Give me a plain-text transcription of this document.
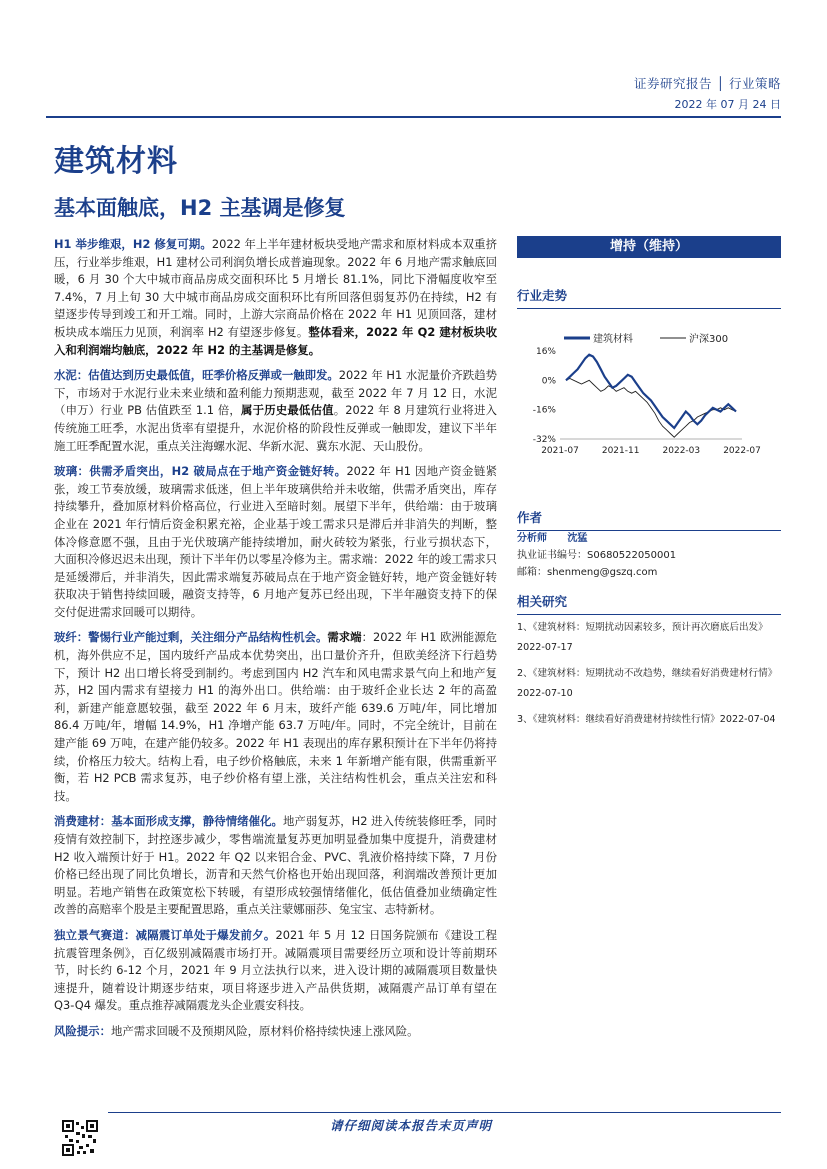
证券研究报告 │ 行业策略
2022 年 07 月 24 日
建筑材料
基本面触底，H2 主基调是修复

H1 举步维艰，H2 修复可期。2022 年上半年建材板块受地产需求和原材料成本双重挤压，行业举步维艰，H1 建材公司利润负增长成普遍现象。2022 年 6 月地产需求触底回暖，6 月 30 个大中城市商品房成交面积环比 5 月增长 81.1%，同比下滑幅度收窄至 7.4%，7 月上旬 30 大中城市商品房成交面积环比有所回落但弱复苏仍在持续，H2 有望逐步传导到竣工和开工端。同时，上游大宗商品价格在 2022 年 H1 见顶回落，建材板块成本端压力见顶，利润率 H2 有望逐步修复。整体看来，2022 年 Q2 建材板块收入和利润端均触底，2022 年 H2 的主基调是修复。

水泥：估值达到历史最低值，旺季价格反弹或一触即发。2022 年 H1 水泥量价齐跌趋势下，市场对于水泥行业未来业绩和盈利能力预期悲观，截至 2022 年 7 月 12 日，水泥（申万）行业 PB 估值跌至 1.1 倍，属于历史最低估值。2022 年 8 月建筑行业将进入传统施工旺季，水泥出货率有望提升，水泥价格的阶段性反弹或一触即发，建议下半年施工旺季配置水泥，重点关注海螺水泥、华新水泥、冀东水泥、天山股份。

玻璃：供需矛盾突出，H2 破局点在于地产资金链好转。2022 年 H1 因地产资金链紧张，竣工节奏放缓，玻璃需求低迷，但上半年玻璃供给并未收缩，供需矛盾突出，库存持续攀升，叠加原材料价格高位，行业进入至暗时刻。展望下半年，供给端：由于玻璃企业在 2021 年行情后资金积累充裕，企业基于竣工需求只是滞后并非消失的判断，整体冷修意愿不强，且由于光伏玻璃产能持续增加，耐火砖较为紧张，行业亏损状态下，大面积冷修迟迟未出现，预计下半年仍以零星冷修为主。需求端：2022 年的竣工需求只是延缓滞后，并非消失，因此需求端复苏破局点在于地产资金链好转，地产资金链好转获取决于销售持续回暖，融资支持等，6 月地产复苏已经出现，下半年融资支持下的保交付促进需求回暖可以期待。

玻纤：警惕行业产能过剩，关注细分产品结构性机会。需求端：2022 年 H1 欧洲能源危机，海外供应不足，国内玻纤产品成本优势突出，出口量价齐升，但欧美经济下行趋势下，预计 H2 出口增长将受到制约。考虑到国内 H2 汽车和风电需求景气向上和地产复苏，H2 国内需求有望接力 H1 的海外出口。供给端：由于玻纤企业长达 2 年的高盈利，新建产能意愿较强，截至 2022 年 6 月末，玻纤产能 639.6 万吨/年，同比增加 86.4 万吨/年，增幅 14.9%，H1 净增产能 63.7 万吨/年。同时，不完全统计，目前在建产能 69 万吨，在建产能仍较多。2022 年 H1 表现出的库存累积预计在下半年仍将持续，价格压力较大。结构上看，电子纱价格触底，未来 1 年新增产能有限，供需重新平衡，若 H2 PCB 需求复苏，电子纱价格有望上涨，关注结构性机会，重点关注宏和科技。

消费建材：基本面形成支撑，静待情绪催化。地产弱复苏，H2 进入传统装修旺季，同时疫情有效控制下，封控逐步减少，零售端流量复苏更加明显叠加集中度提升，消费建材 H2 收入端预计好于 H1。2022 年 Q2 以来铝合金、PVC、乳液价格持续下降，7 月份价格已经出现了同比负增长，沥青和天然气价格也开始出现回落，利润端改善预计更加明显。若地产销售在政策宽松下转暖，有望形成较强情绪催化，低估值叠加业绩确定性改善的高赔率个股是主要配置思路，重点关注蒙娜丽莎、兔宝宝、志特新材。

独立景气赛道：减隔震订单处于爆发前夕。2021 年 5 月 12 日国务院颁布《建设工程抗震管理条例》，百亿级别减隔震市场打开。减隔震项目需要经历立项和设计等前期环节，时长约 6-12 个月，2021 年 9 月立法执行以来，进入设计期的减隔震项目数量快速提升，随着设计期逐步结束，项目将逐步进入产品供货期，减隔震产品订单有望在 Q3-Q4 爆发。重点推荐减隔震龙头企业震安科技。

风险提示：地产需求回暖不及预期风险，原材料价格持续快速上涨风险。

增持（维持）
行业走势
建筑材料	沪深300
16%
0%
-16%
-32%
2021-07	2021-11	2022-03	2022-07
作者
分析师 沈猛
执业证书编号：S0680522050001
邮箱：shenmeng@gszq.com
相关研究
1、《建筑材料：短期扰动因素较多，预计再次磨底后出发》2022-07-17
2、《建筑材料：短期扰动不改趋势，继续看好消费建材行情》2022-07-10
3、《建筑材料：继续看好消费建材持续性行情》2022-07-04
请仔细阅读本报告末页声明
